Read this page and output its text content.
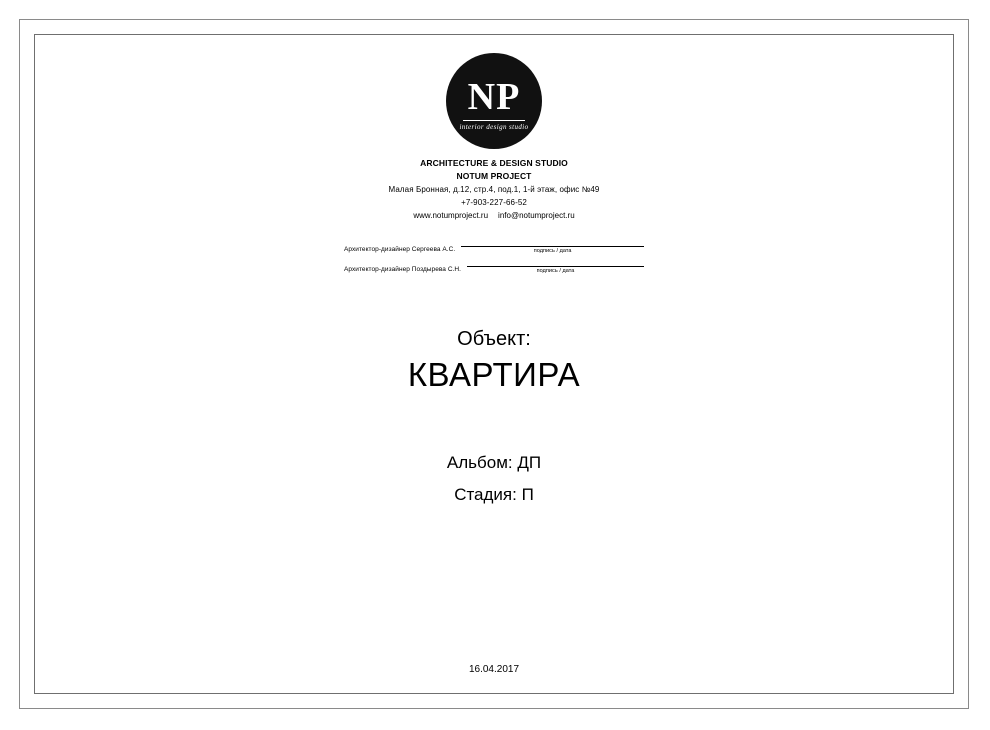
NP
interior design studio
ARCHITECTURE & DESIGN STUDIO
NOTUM PROJECT
Малая Бронная, д.12, стр.4, под.1, 1-й этаж, офис №49
+7-903-227-66-52
www.notumproject.ru info@notumproject.ru
Архитектор-дизайнер Сергеева А.С.	подпись / дата
Архитектор-дизайнер Поздырева С.Н.	подпись / дата
Объект:
КВАРТИРА
Альбом: ДП
Стадия: П
16.04.2017
